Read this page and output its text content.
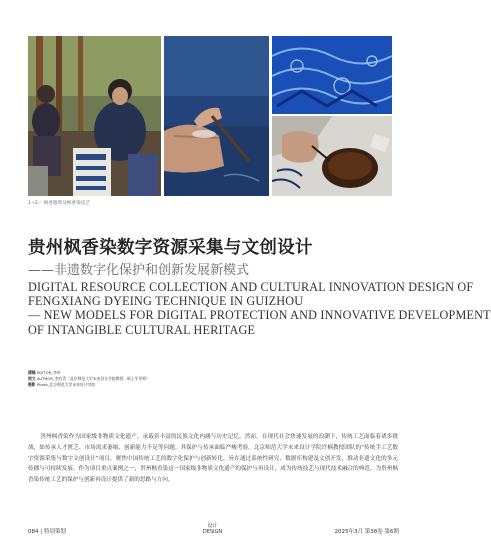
1~2／ 枫香服饰及枫香染技艺
贵州枫香染数字资源采集与文创设计
——非遗数字化保护和创新发展新模式
DIGITAL RESOURCE COLLECTION AND CULTURAL INNOVATION DESIGN OF
FENGXIANG DYEING TECHNIQUE IN GUIZHOU
— NEW MODELS FOR DIGITAL PROTECTION AND INNOVATIVE DEVELOPMENT
OF INTANGIBLE CULTURAL HERITAGE
撰稿 EDITOR_李叶
图文 AUTHOR_李有青（北京师范大学未来设计学院教授、硕士生导师）
摄影 Photo_北京师范大学未来设计学院
贵州枫香染作为国家级非物质文化遗产，承载着丰富的民族文化内涵与历史记忆。然而，在现代社会快速发展的浪潮下，传统工艺面临着诸多挑战，如传承人才匮乏、市场需求萎缩、创新能力不足等问题。其保护与传承面临严峻考验。北京师范大学未来设计学院许楠教授团队的“传统手工艺数字资源采集与数字文创设计”项目，聚焦中国传统工艺的数字化保护与创新转化，旨在通过系统性研究、数据库构建及文创开发，推动非遗文化的多元传播与可持续发展。作为项目重点案例之一，贵州枫香染这一国家级非物质文化遗产的保护与再设计，成为传统技艺与现代技术融合的典范，为贵州枫香染传统工艺的保护与创新再设计提供了新的思路与方向。
084 | 特别策划
设计
DESIGN	2025年3月 第38卷 第6期
